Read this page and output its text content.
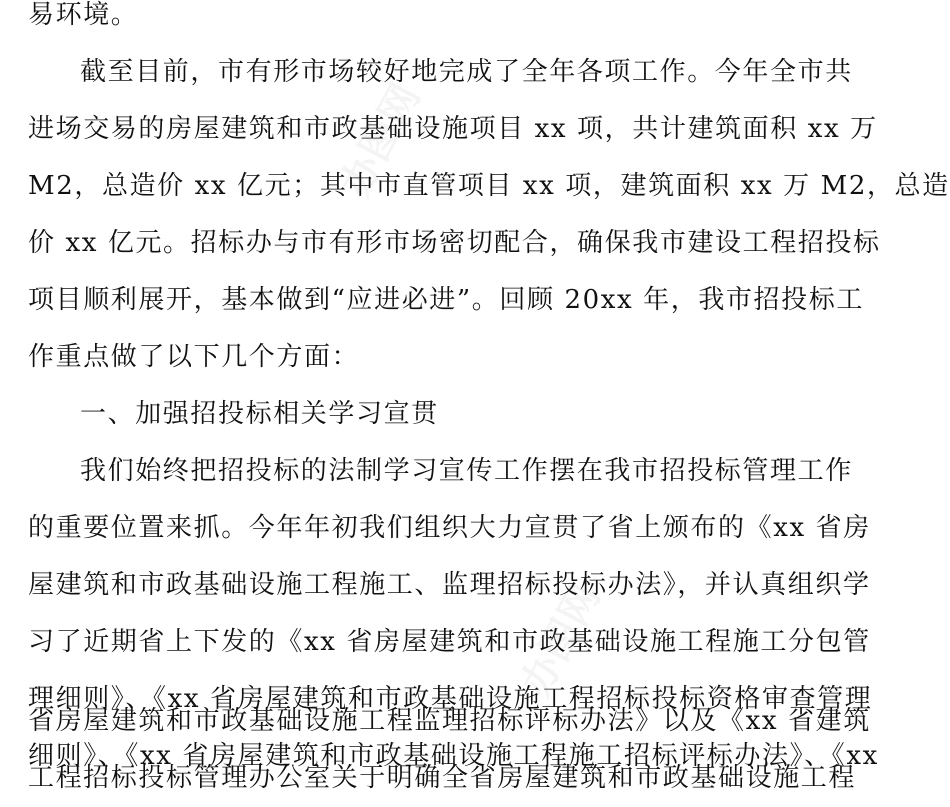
办图网
办图网
易环境。
截至目前，市有形市场较好地完成了全年各项工作。今年全市共
进场交易的房屋建筑和市政基础设施项目 xx 项，共计建筑面积 xx 万
M2，总造价 xx 亿元；其中市直管项目 xx 项，建筑面积 xx 万 M2，总造
价 xx 亿元。招标办与市有形市场密切配合，确保我市建设工程招投标
项目顺利展开，基本做到“应进必进”。回顾 20xx 年，我市招投标工
作重点做了以下几个方面：
一、加强招投标相关学习宣贯
我们始终把招投标的法制学习宣传工作摆在我市招投标管理工作
的重要位置来抓。今年年初我们组织大力宣贯了省上颁布的《xx 省房
屋建筑和市政基础设施工程施工、监理招标投标办法》，并认真组织学
习了近期省上下发的《xx 省房屋建筑和市政基础设施工程施工分包管
理细则》、《xx 省房屋建筑和市政基础设施工程招标投标资格审查管理
细则》、《xx 省房屋建筑和市政基础设施工程施工招标评标办法》、《xx
省房屋建筑和市政基础设施工程监理招标评标办法》以及《xx 省建筑
工程招标投标管理办公室关于明确全省房屋建筑和市政基础设施工程
